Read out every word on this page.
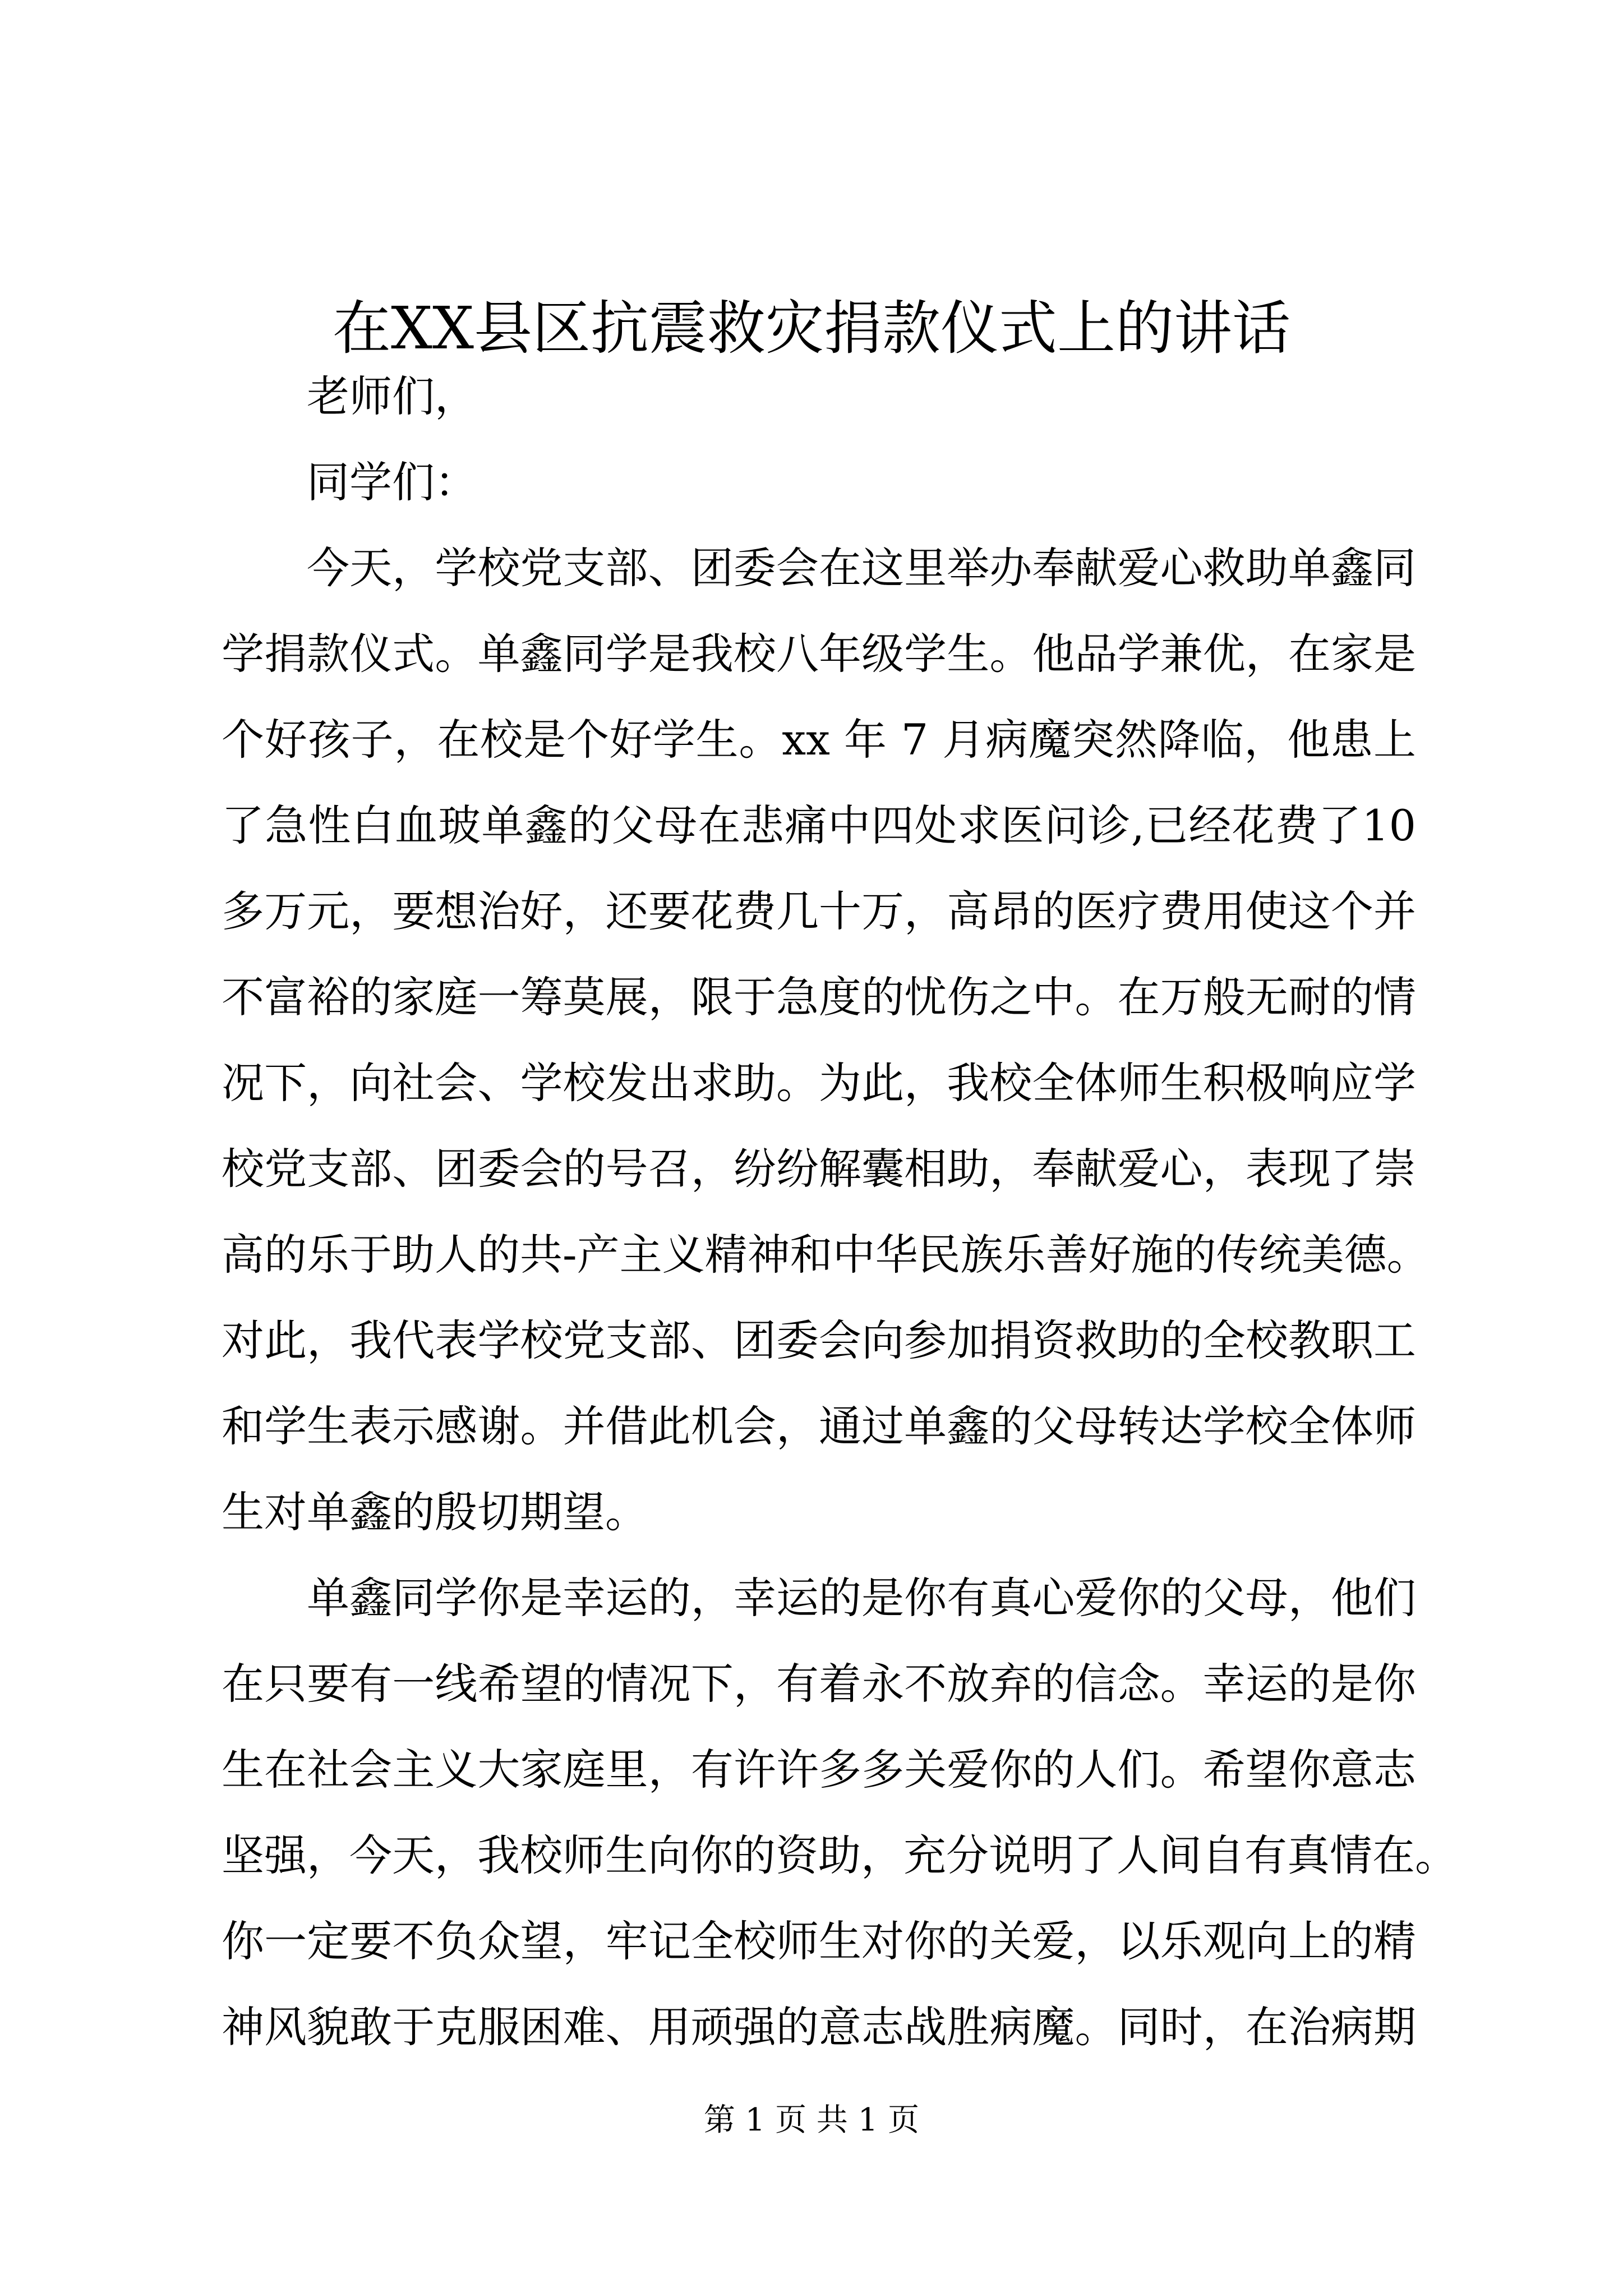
在XX县区抗震救灾捐款仪式上的讲话
老师们，
同学们：
今天，学校党支部、团委会在这里举办奉献爱心救助单鑫同
学捐款仪式。单鑫同学是我校八年级学生。他品学兼优，在家是
个好孩子，在校是个好学生。xx 年 7 月病魔突然降临，他患上
了急性白血玻单鑫的父母在悲痛中四处求医问诊,已经花费了10
多万元，要想治好，还要花费几十万，高昂的医疗费用使这个并
不富裕的家庭一筹莫展，限于急度的忧伤之中。在万般无耐的情
况下，向社会、学校发出求助。为此，我校全体师生积极响应学
校党支部、团委会的号召，纷纷解囊相助，奉献爱心，表现了崇
高的乐于助人的共-产主义精神和中华民族乐善好施的传统美德。
对此，我代表学校党支部、团委会向参加捐资救助的全校教职工
和学生表示感谢。并借此机会，通过单鑫的父母转达学校全体师
生对单鑫的殷切期望。
单鑫同学你是幸运的，幸运的是你有真心爱你的父母，他们
在只要有一线希望的情况下，有着永不放弃的信念。幸运的是你
生在社会主义大家庭里，有许许多多关爱你的人们。希望你意志
坚强，今天，我校师生向你的资助，充分说明了人间自有真情在。
你一定要不负众望，牢记全校师生对你的关爱，以乐观向上的精
神风貌敢于克服困难、用顽强的意志战胜病魔。同时，在治病期
第 1 页 共 1 页
